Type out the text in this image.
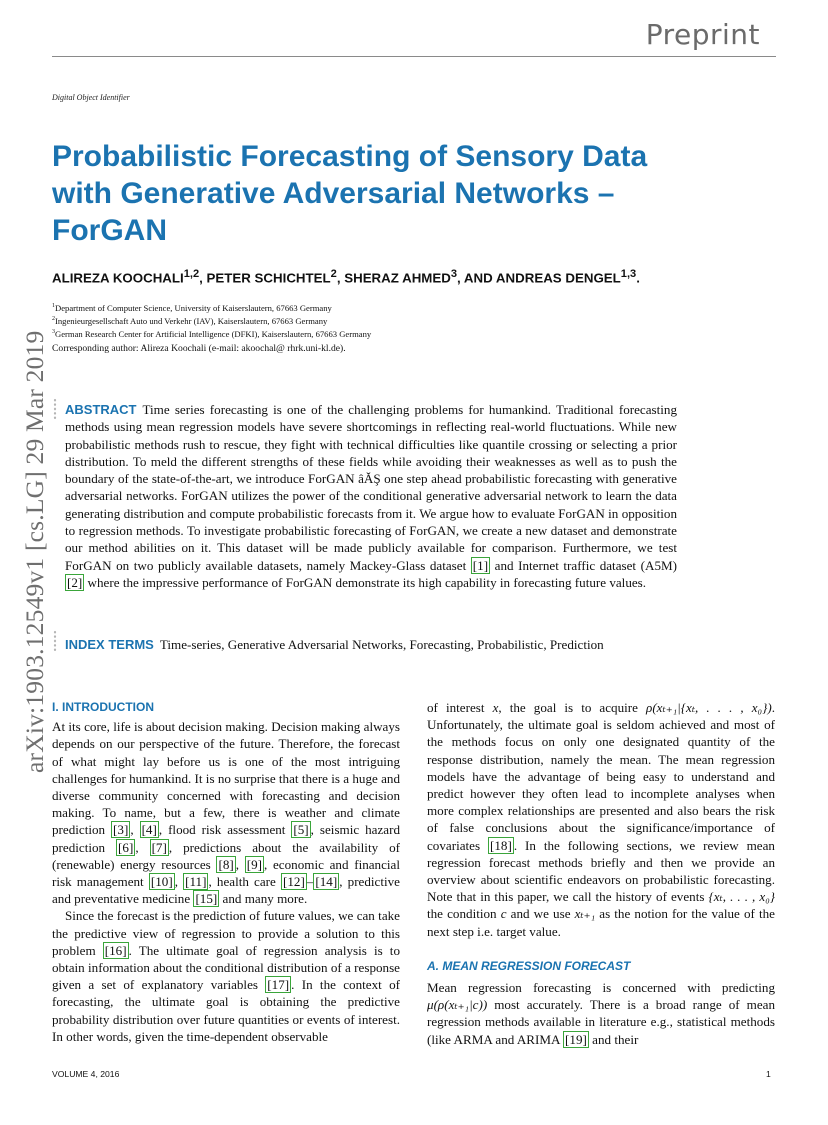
Preprint
Digital Object Identifier
Probabilistic Forecasting of Sensory Data with Generative Adversarial Networks – ForGAN
ALIREZA KOOCHALI$^{1,2}$, PETER SCHICHTEL$^2$, SHERAZ AHMED$^3$, AND ANDREAS DENGEL$^{1,3}$.
$^1$Department of Computer Science, University of Kaiserslautern, 67663 Germany
$^2$Ingenieurgesellschaft Auto und Verkehr (IAV), Kaiserslautern, 67663 Germany
$^3$German Research Center for Artificial Intelligence (DFKI), Kaiserslautern, 67663 Germany
Corresponding author: Alireza Koochali (e-mail: akoochal@ rhrk.uni-kl.de).
arXiv:1903.12549v1 [cs.LG] 29 Mar 2019 ABSTRACT Time series forecasting is one of the challenging problems for humankind. Traditional forecasting methods using mean regression models have severe shortcomings in reflecting real-world fluctuations. While new probabilistic methods rush to rescue, they fight with technical difficulties like quantile crossing or selecting a prior distribution. To meld the different strengths of these fields while avoiding their weaknesses as well as to push the boundary of the state-of-the-art, we introduce ForGAN âĂŞ one step ahead probabilistic forecasting with generative adversarial networks. ForGAN utilizes the power of the conditional generative adversarial network to learn the data generating distribution and compute probabilistic forecasts from it. We argue how to evaluate ForGAN in opposition to regression methods. To investigate probabilistic forecasting of ForGAN, we create a new dataset and demonstrate our method abilities on it. This dataset will be made publicly available for comparison. Furthermore, we test ForGAN on two publicly available datasets, namely Mackey-Glass dataset [1] and Internet traffic dataset (A5M) [2] where the impressive performance of ForGAN demonstrate its high capability in forecasting future values.
INDEX TERMS Time-series, Generative Adversarial Networks, Forecasting, Probabilistic, Prediction
I. INTRODUCTION

At its core, life is about decision making. Decision making always depends on our perspective of the future. Therefore, the forecast of what might lay before us is one of the most intriguing challenges for humankind. It is no surprise that there is a huge and diverse community concerned with forecasting and decision making. To name, but a few, there is weather and climate prediction [3] , [4] , flood risk assessment [5] , seismic hazard prediction [6] , [7] , predictions about the availability of (renewable) energy resources [8] , [9] , economic and financial risk management [10] , [11] , health care [12] – [14] , predictive and preventative medicine [15] and many more.

Since the forecast is the prediction of future values, we can take the predictive view of regression to provide a solution to this problem [16] . The ultimate goal of regression analysis is to obtain information about the conditional distribution of a response given a set of explanatory variables [17] . In the context of forecasting, the ultimate goal is obtaining the predictive probability distribution over future quantities or events of interest. In other words, given the time-dependent observable

of interest x, the goal is to acquire ρ(xₜ₊₁|{xₜ, . . . , x₀}). Unfortunately, the ultimate goal is seldom achieved and most of the methods focus on only one designated quantity of the response distribution, namely the mean. The mean regression models have the advantage of being easy to understand and predict however they often lead to incomplete analyses when more complex relationships are presented and also bears the risk of false conclusions about the significance/importance of covariates [18] . In the following sections, we review mean regression forecast methods briefly and then we provide an overview about scientific endeavors on probabilistic forecasting. Note that in this paper, we call the history of events {xₜ, . . . , x₀} the condition c and we use xₜ₊₁ as the notion for the value of the next step i.e. target value.

A. MEAN REGRESSION FORECAST

Mean regression forecasting is concerned with predicting μ(ρ(xₜ₊₁|c)) most accurately. There is a broad range of mean regression methods available in literature e.g., statistical methods (like ARMA and ARIMA [19] and their

VOLUME 4, 2016	1
